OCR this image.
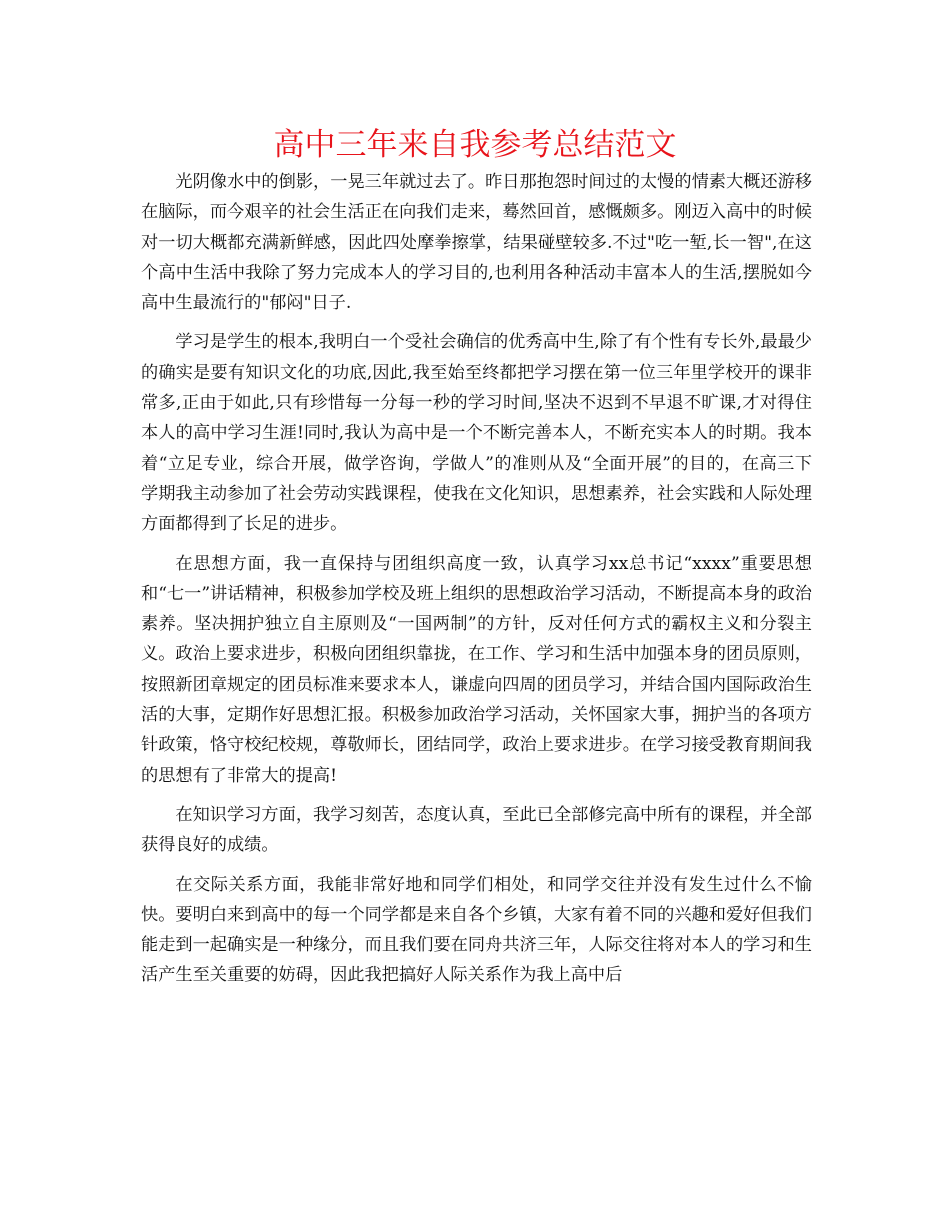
高中三年来自我参考总结范文

光阴像水中的倒影，一晃三年就过去了。昨日那抱怨时间过的太慢的情素大概还游移在脑际，而今艰辛的社会生活正在向我们走来，蓦然回首，感慨颇多。刚迈入高中的时候对一切大概都充满新鲜感，因此四处摩拳擦掌，结果碰壁较多.不过"吃一堑,长一智",在这个高中生活中我除了努力完成本人的学习目的,也利用各种活动丰富本人的生活,摆脱如今高中生最流行的"郁闷"日子.

学习是学生的根本,我明白一个受社会确信的优秀高中生,除了有个性有专长外,最最少的确实是要有知识文化的功底,因此,我至始至终都把学习摆在第一位三年里学校开的课非常多,正由于如此,只有珍惜每一分每一秒的学习时间,坚决不迟到不早退不旷课,才对得住本人的高中学习生涯!同时,我认为高中是一个不断完善本人，不断充实本人的时期。我本着“立足专业，综合开展，做学咨询，学做人”的准则从及“全面开展”的目的，在高三下学期我主动参加了社会劳动实践课程，使我在文化知识，思想素养，社会实践和人际处理方面都得到了长足的进步。

在思想方面，我一直保持与团组织高度一致，认真学习xx总书记“xxxx”重要思想和“七一”讲话精神，积极参加学校及班上组织的思想政治学习活动，不断提高本身的政治素养。坚决拥护独立自主原则及“一国两制”的方针，反对任何方式的霸权主义和分裂主义。政治上要求进步，积极向团组织靠拢，在工作、学习和生活中加强本身的团员原则，按照新团章规定的团员标准来要求本人，谦虚向四周的团员学习，并结合国内国际政治生活的大事，定期作好思想汇报。积极参加政治学习活动，关怀国家大事，拥护当的各项方针政策，恪守校纪校规，尊敬师长，团结同学，政治上要求进步。在学习接受教育期间我的思想有了非常大的提高!

在知识学习方面，我学习刻苦，态度认真，至此已全部修完高中所有的课程，并全部获得良好的成绩。

在交际关系方面，我能非常好地和同学们相处，和同学交往并没有发生过什么不愉快。要明白来到高中的每一个同学都是来自各个乡镇，大家有着不同的兴趣和爱好但我们能走到一起确实是一种缘分，而且我们要在同舟共济三年，人际交往将对本人的学习和生活产生至关重要的妨碍，因此我把搞好人际关系作为我上高中后
